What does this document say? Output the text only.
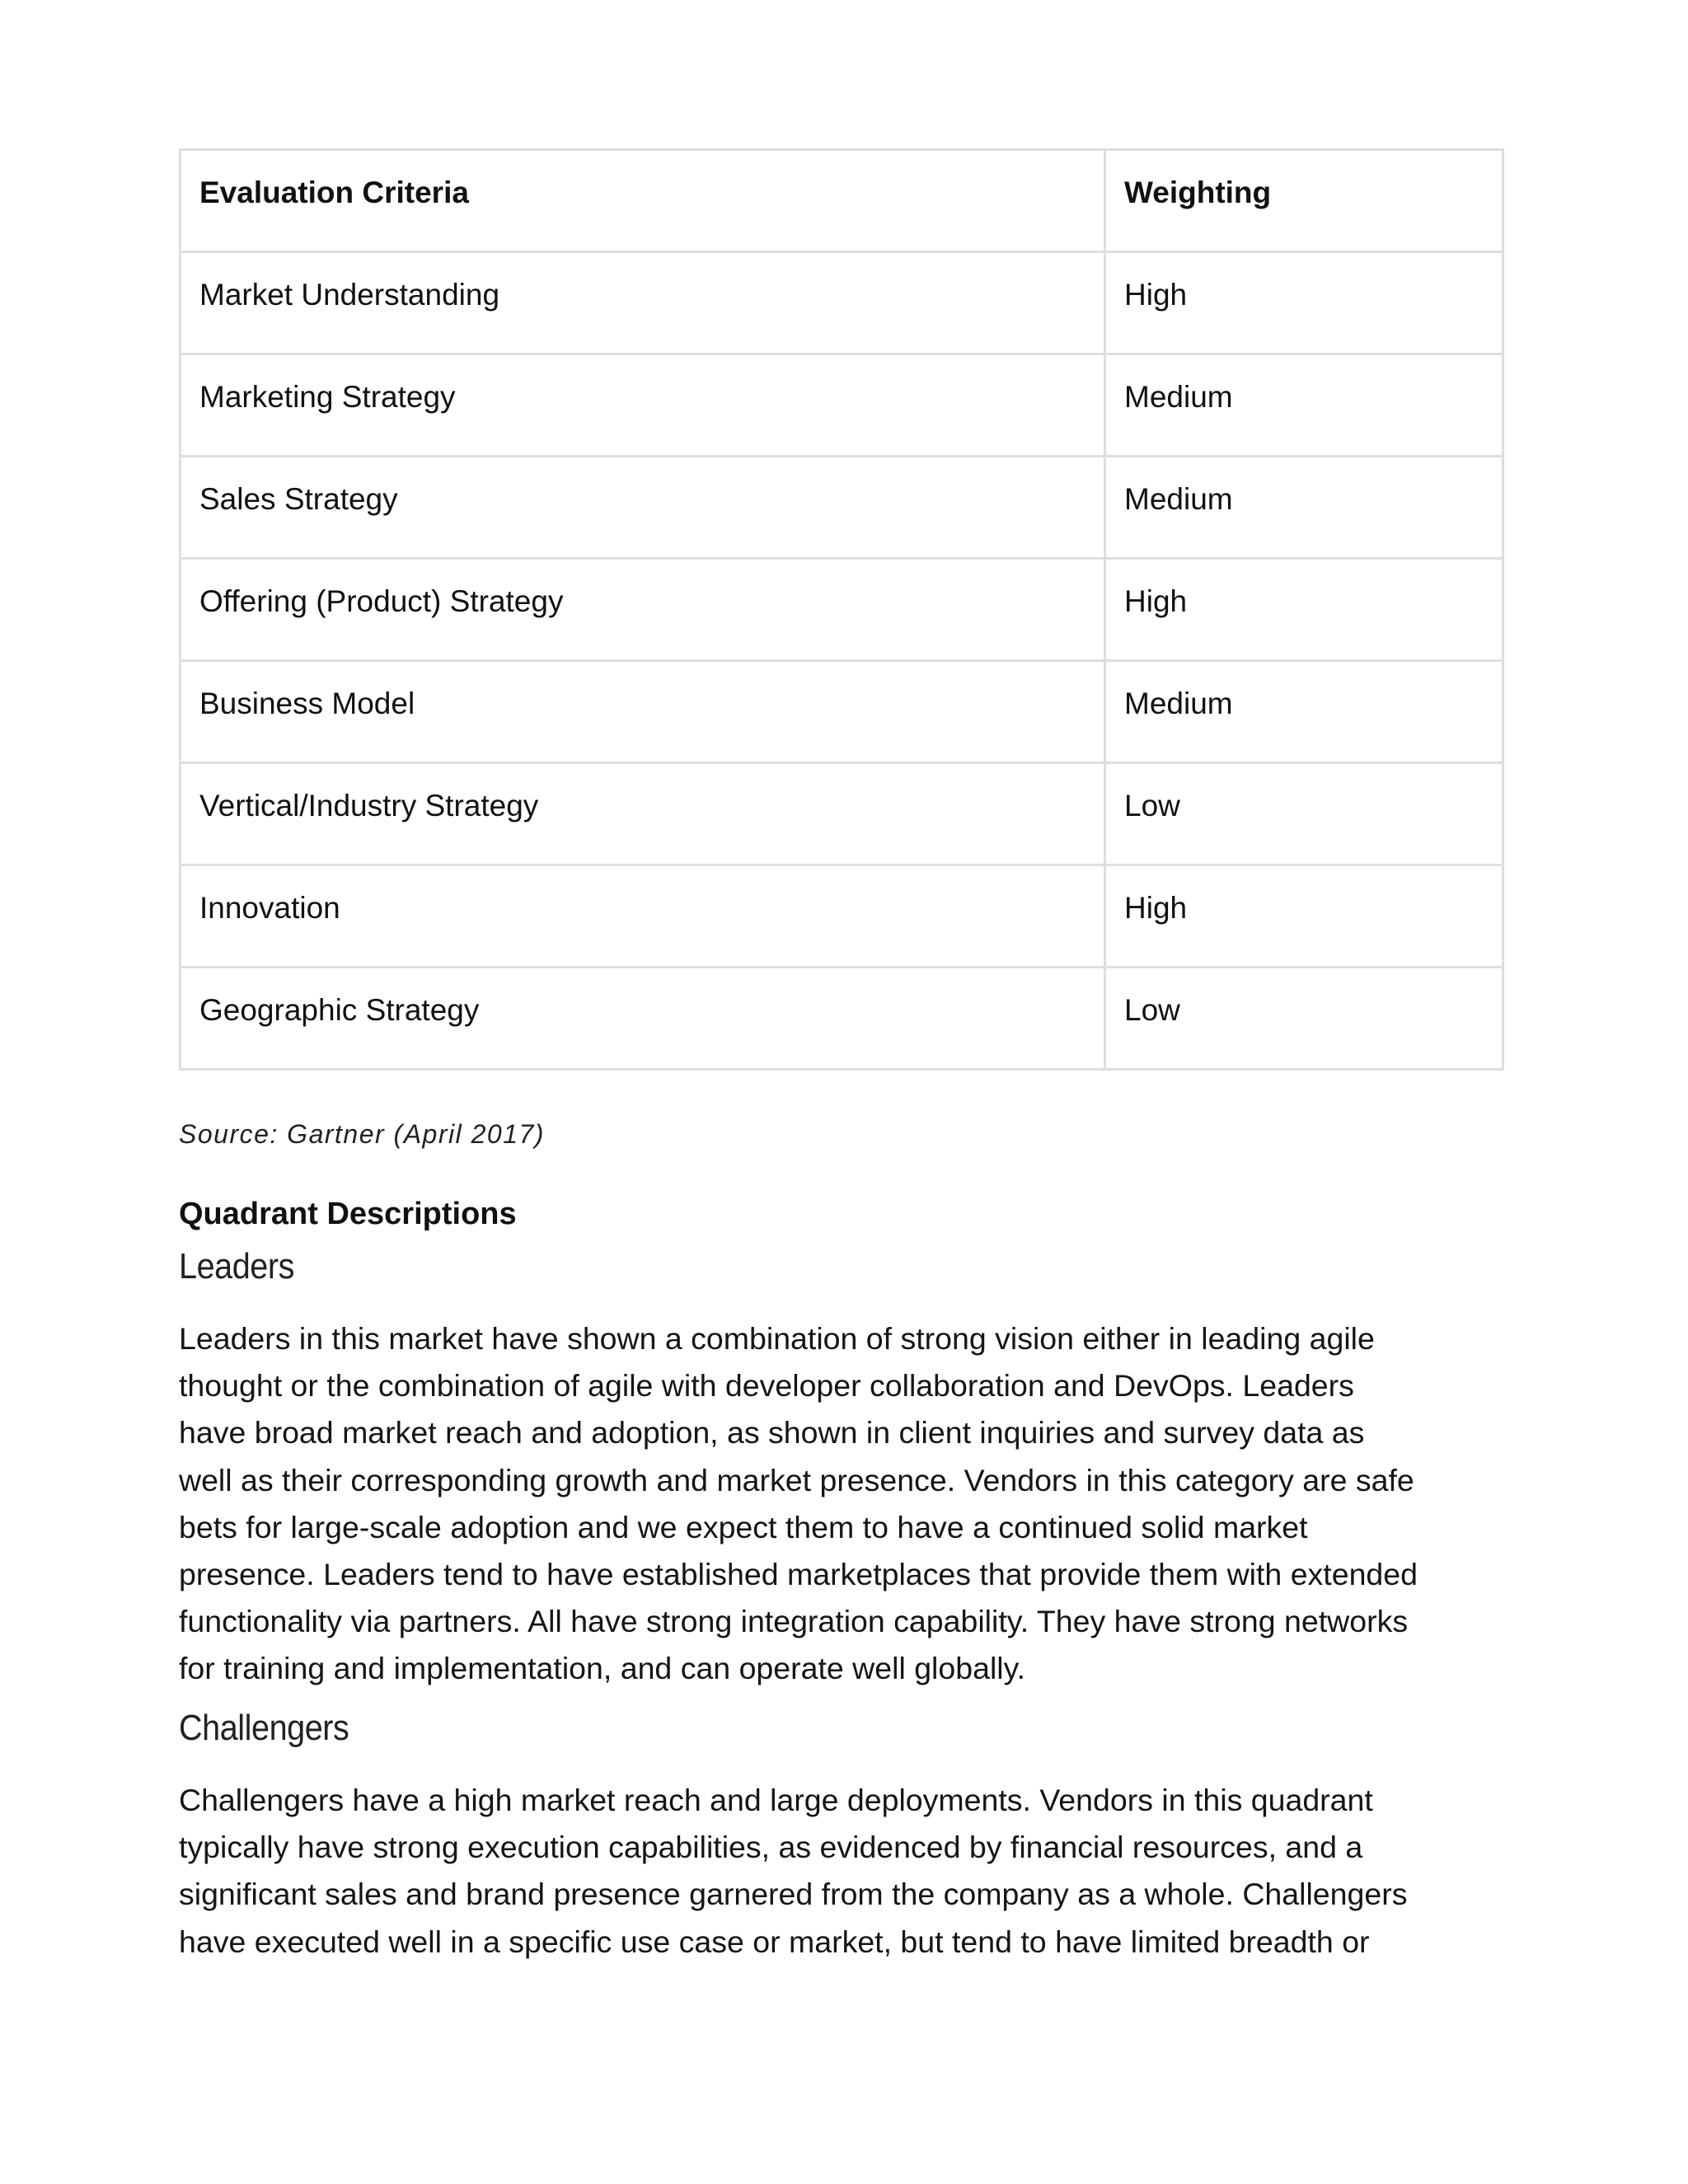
Evaluation Criteria	Weighting

Market Understanding	High

Marketing Strategy	Medium

Sales Strategy	Medium

Offering (Product) Strategy	High

Business Model	Medium

Vertical/Industry Strategy	Low

Innovation	High

Geographic Strategy	Low
Source: Gartner (April 2017)
Quadrant Descriptions
Leaders

Leaders in this market have shown a combination of strong vision either in leading agile
thought or the combination of agile with developer collaboration and DevOps. Leaders
have broad market reach and adoption, as shown in client inquiries and survey data as
well as their corresponding growth and market presence. Vendors in this category are safe
bets for large-scale adoption and we expect them to have a continued solid market
presence. Leaders tend to have established marketplaces that provide them with extended
functionality via partners. All have strong integration capability. They have strong networks
for training and implementation, and can operate well globally.

Challengers

Challengers have a high market reach and large deployments. Vendors in this quadrant
typically have strong execution capabilities, as evidenced by financial resources, and a
significant sales and brand presence garnered from the company as a whole. Challengers
have executed well in a specific use case or market, but tend to have limited breadth or
